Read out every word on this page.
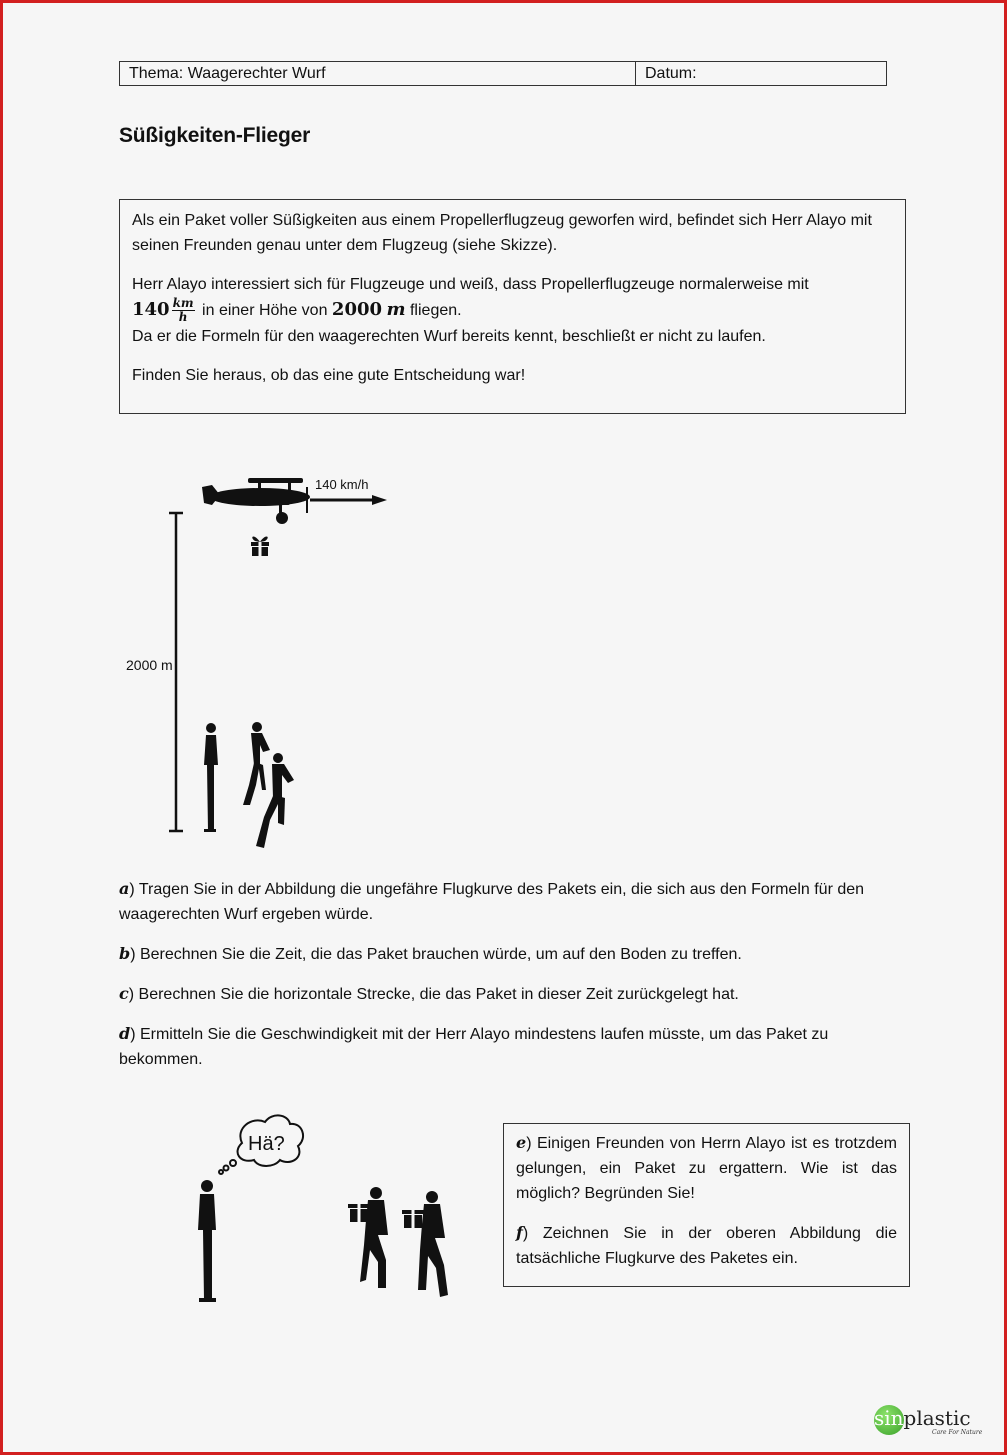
Thema: Waagerechter Wurf	Datum:
Süßigkeiten-Flieger

Als ein Paket voller Süßigkeiten aus einem Propellerflugzeug geworfen wird, befindet sich Herr Alayo mit seinen Freunden genau unter dem Flugzeug (siehe Skizze).

Herr Alayo interessiert sich für Flugzeuge und weiß, dass Propellerflugzeuge normalerweise mit
$140 \frac{km}{h}$ in einer Höhe von 2000 m fliegen.

Da er die Formeln für den waagerechten Wurf bereits kennt, beschließt er nicht zu laufen.

Finden Sie heraus, ob das eine gute Entscheidung war!

140 km/h
2000 m

a) Tragen Sie in der Abbildung die ungefähre Flugkurve des Pakets ein, die sich aus den Formeln für den waagerechten Wurf ergeben würde.

b) Berechnen Sie die Zeit, die das Paket brauchen würde, um auf den Boden zu treffen.

c) Berechnen Sie die horizontale Strecke, die das Paket in dieser Zeit zurückgelegt hat.

d) Ermitteln Sie die Geschwindigkeit mit der Herr Alayo mindestens laufen müsste, um das Paket zu bekommen.

Hä?	e) Einigen Freunden von Herrn Alayo ist es trotzdem gelungen, ein Paket zu ergattern. Wie ist das möglich? Begründen Sie!

f) Zeichnen Sie in der oberen Abbildung die tatsächliche Flugkurve des Paketes ein.

sinplastic
Care For Nature
